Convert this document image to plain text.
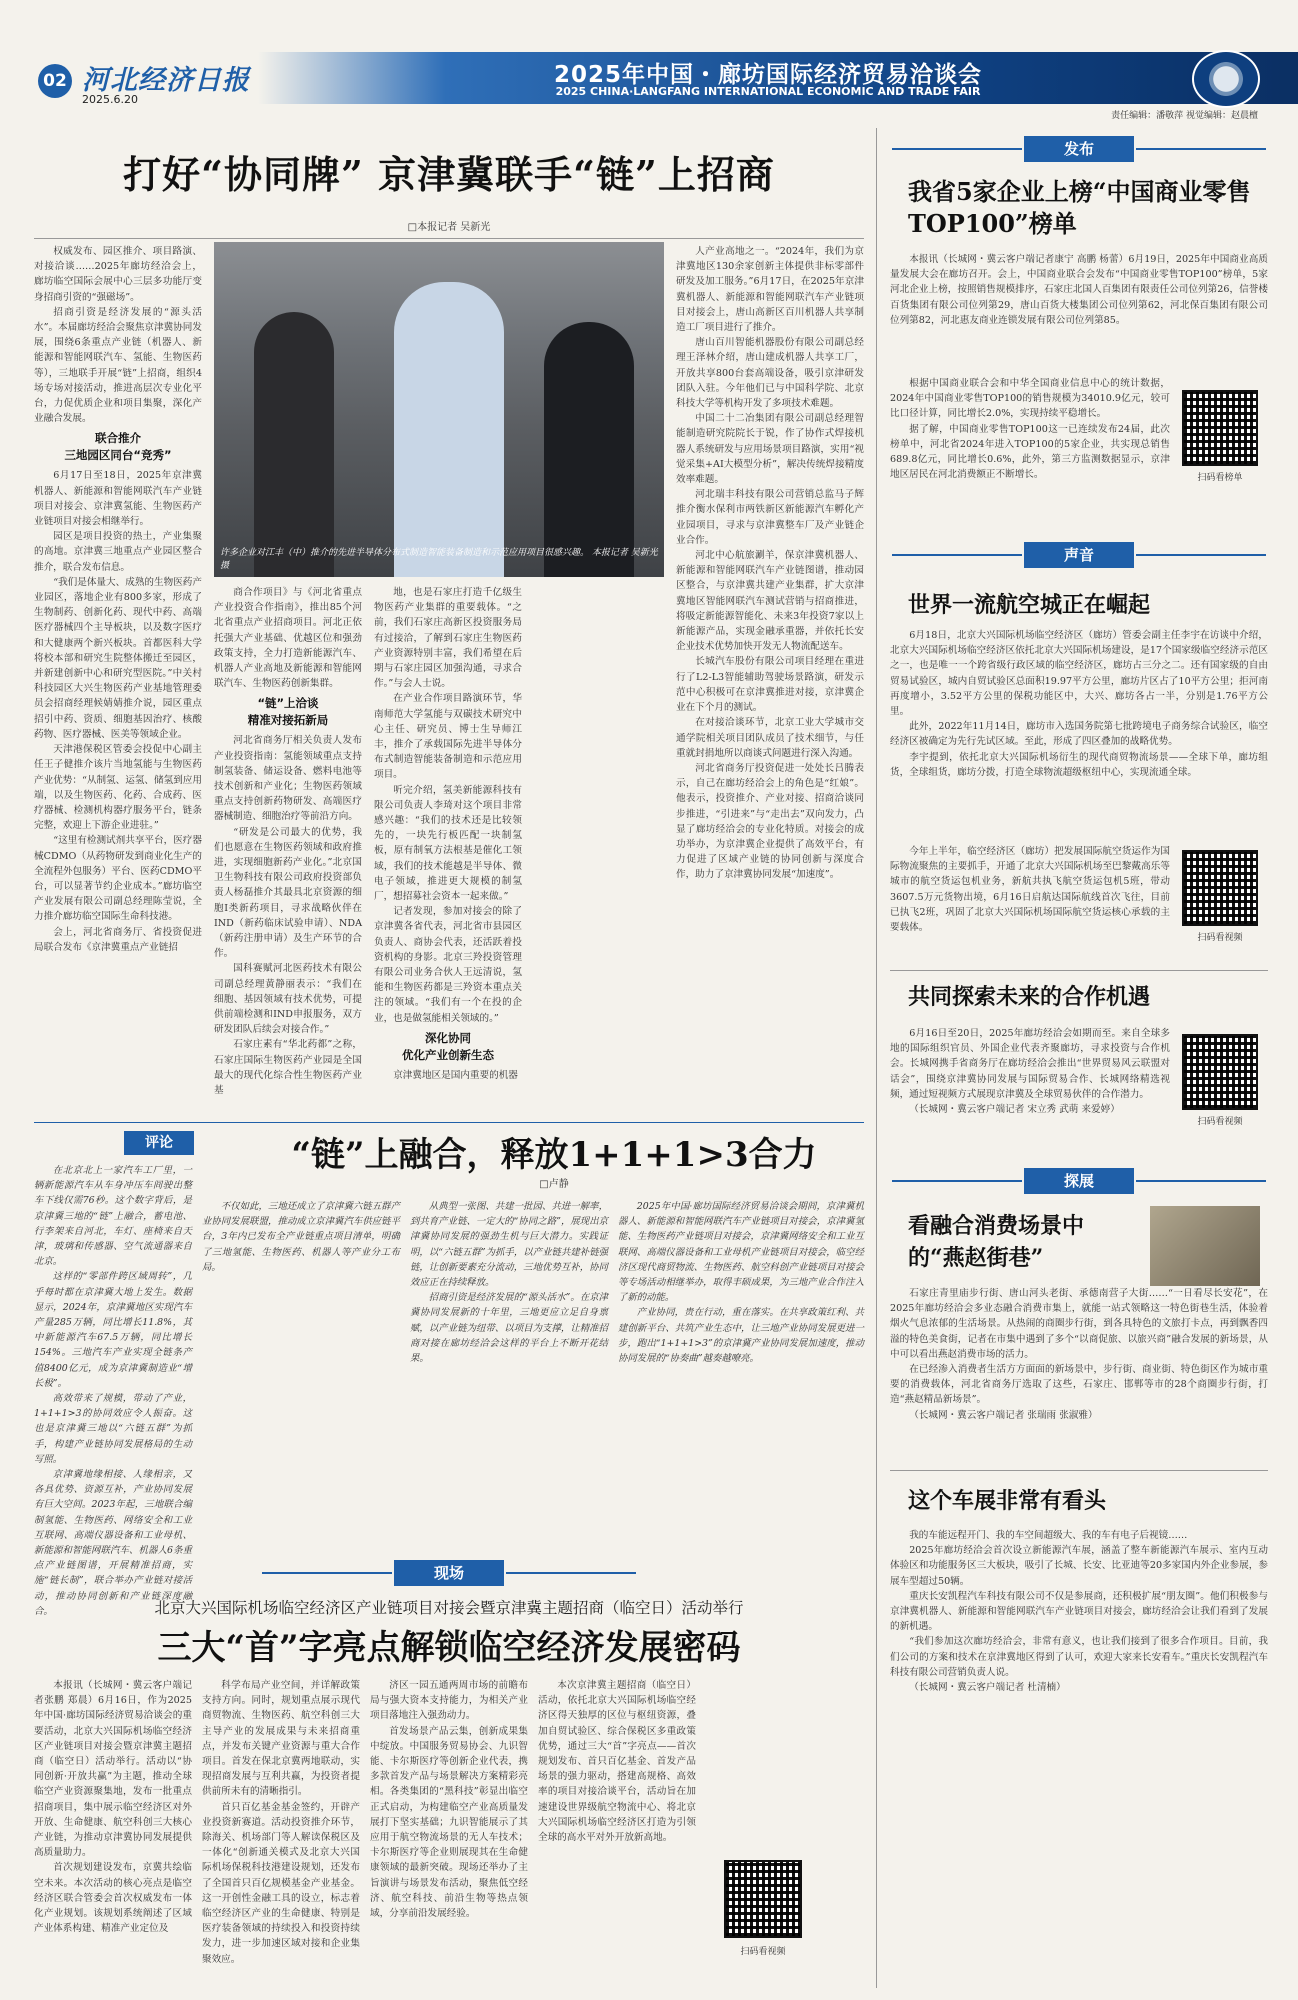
02 河北经济日报
2025.6.20
2025年中国・廊坊国际经济贸易洽谈会
2025 CHINA·LANGFANG INTERNATIONAL ECONOMIC AND TRADE FAIR
责任编辑：潘敬萍 视觉编辑：赵晨檀
打好“协同牌” 京津冀联手“链”上招商
□本报记者 吴新光
许多企业对江丰（中）推介的先进半导体分布式制造智能装备制造和示范应用项目很感兴趣。 本报记者 吴新光 摄

权威发布、园区推介、项目路演、对接洽谈……2025年廊坊经洽会上，廊坊临空国际会展中心三层多功能厅变身招商引资的“强磁场”。

招商引资是经济发展的“源头活水”。本届廊坊经洽会聚焦京津冀协同发展，围绕6条重点产业链（机器人、新能源和智能网联汽车、氢能、生物医药等），三地联手开展“链”上招商，组织4场专场对接活动，推进高层次专业化平台，力促优质企业和项目集聚，深化产业融合发展。

联合推介
三地园区同台“竞秀”

6月17日至18日，2025年京津冀机器人、新能源和智能网联汽车产业链项目对接会、京津冀氢能、生物医药产业链项目对接会相继举行。

园区是项目投资的热土，产业集聚的高地。京津冀三地重点产业园区整合推介，联合发布信息。

“我们是体量大、成熟的生物医药产业园区，落地企业有800多家，形成了生物制药、创新化药、现代中药、高端医疗器械四个主导板块，以及数字医疗和大健康两个新兴板块。首都医科大学将校本部和研究生院整体搬迁至园区，并新建创新中心和研究型医院。”中关村科技园区大兴生物医药产业基地管理委员会招商经理候婧婧推介说，园区重点招引中药、资质、细胞基因治疗、核酸药物、医疗器械、医美等领域企业。

天津港保税区管委会投促中心副主任王子健推介该片当地氢能与生物医药产业优势：“从制氢、运氢、储氢到应用端，以及生物医药、化药、合成药、医疗器械、检测机构器疗服务平台，链条完整，欢迎上下游企业进驻。”

“这里有检测试剂共享平台，医疗器械CDMO（从药物研发到商业化生产的全流程外包服务）平台、医药CDMO平台，可以显著节约企业成本。”廊坊临空产业发展有限公司副总经理陈莹说，全力推介廊坊临空国际生命科技港。

会上，河北省商务厅、省投资促进局联合发布《京津冀重点产业链招

商合作项目》与《河北省重点产业投资合作指南》，推出85个河北省重点产业招商项目。河北正依托强大产业基础、优越区位和强劲政策支持，全力打造新能源汽车、机器人产业高地及新能源和智能网联汽车、生物医药创新集群。

“链”上洽谈
精准对接拓新局

河北省商务厅相关负责人发布产业投资指南：氢能领域重点支持制氢装备、储运设备、燃料电池等技术创新和产业化；生物医药领域重点支持创新药物研发、高端医疗器械制造、细胞治疗等前沿方向。

“研发是公司最大的优势，我们也愿意在生物医药领域和政府推进，实现细胞新药产业化。”北京国卫生物科技有限公司政府投资部负责人杨磊推介其最具北京资源的细胞Ⅰ类新药项目，寻求战略伙伴在IND（新药临床试验申请）、NDA（新药注册申请）及生产环节的合作。

国科赛赋河北医药技术有限公司副总经理黄静丽表示：“我们在细胞、基因领域有技术优势，可提供前端检测和IND申报服务，双方研发团队后续会对接合作。”

石家庄素有“华北药都”之称，石家庄国际生物医药产业园是全国最大的现代化综合性生物医药产业基

地，也是石家庄打造千亿级生物医药产业集群的重要载体。“之前，我们石家庄高新区投资服务局有过接洽，了解到石家庄生物医药产业资源特别丰富，我们希望在后期与石家庄园区加强沟通，寻求合作。”与会人士说。

在产业合作项目路演环节，华南师范大学氢能与双碳技术研究中心主任、研究员、博士生导师江丰，推介了承载国际先进半导体分布式制造智能装备制造和示范应用项目。

听完介绍，氢美新能源科技有限公司负责人李琦对这个项目非常感兴趣：“我们的技术还是比较领先的，一块先行板匹配一块制氢板，原有制氧方法根基是催化工领域，我们的技术能越是半导体、微电子领域，推进更大规模的制氢厂，想招募社会资本一起来做。”

记者发现，参加对接会的除了京津冀各省代表，河北省市县园区负责人、商协会代表，还活跃着投资机构的身影。北京三羚投资管理有限公司业务合伙人王远清说，氢能和生物医药都是三羚资本重点关注的领域。“我们有一个在投的企业，也是做氢能相关领域的。”

深化协同
优化产业创新生态

京津冀地区是国内重要的机器

人产业高地之一。“2024年，我们为京津冀地区130余家创新主体提供非标零部件研发及加工服务。”6月17日，在2025年京津冀机器人、新能源和智能网联汽车产业链项目对接会上，唐山高新区百川机器人共享制造工厂项目进行了推介。

唐山百川智能机器股份有限公司副总经理王泽林介绍，唐山建成机器人共享工厂，开放共享800台套高端设备，吸引京津研发团队入驻。今年他们已与中国科学院、北京科技大学等机构开发了多项技术难题。

中国二十二冶集团有限公司副总经理智能制造研究院院长于锐，作了协作式焊接机器人系统研发与应用场景项目路演，实用“视觉采集+AI大模型分析”，解决传统焊接精度效率难题。

河北瑞丰科技有限公司营销总监马子辉推介衡水保利市两铁新区新能源汽车孵化产业园项目，寻求与京津冀整车厂及产业链企业合作。

河北中心航旅涮羊，保京津冀机器人、新能源和智能网联汽车产业链图谱，推动园区整合，与京津冀共建产业集群，扩大京津冀地区智能网联汽车测试营销与招商推进，将吸定新能源智能化、未来3年投资7家以上新能源产品，实现金融承重器，并依托长安企业技术优势加快开发无人物流配送车。

长城汽车股份有限公司项目经理在重进行了L2-L3智能辅助驾驶场景路演，研发示范中心积极可在京津冀推进对接，京津冀企业在下个月的测试。

在对接洽谈环节，北京工业大学城市交通学院相关项目团队成员了技术细节，与任重就封捐地所以商谈式问题进行深入沟通。

河北省商务厅投资促进一处处长吕腾表示，自己在廊坊经洽会上的角色是“红娘”。他表示，投资推介、产业对接、招商洽谈同步推进，“引进来”与“走出去”双向发力，凸显了廊坊经洽会的专业化特质。对接会的成功举办，为京津冀企业提供了高效平台，有力促进了区域产业链的协同创新与深度合作，助力了京津冀协同发展“加速度”。

评论	“链”上融合，释放1+1+1>3合力
□卢静

在北京北上一家汽车工厂里，一辆新能源汽车从车身冲压车间驶出整车下线仅需76秒。这个数字背后，是京津冀三地的“链”上融合，蓄电池、行李架来自河北，车灯、座椅来自天津，玻璃和传感器、空气流通器来自北京。

这样的“零部件跨区域周转”，几乎每时都在京津冀大地上发生。数据显示，2024年，京津冀地区实现汽车产量285万辆，同比增长11.8%，其中新能源汽车67.5万辆，同比增长154%。三地汽车产业实现全链条产值8400亿元，成为京津冀制造业“增长极”。

高效带来了规模，带动了产业，1+1+1>3的协同效应令人振奋。这也是京津冀三地以“六链五群”为抓手，构建产业链协同发展格局的生动写照。

京津冀地缘相接、人缘相亲，又各具优势、资源互补，产业协同发展有巨大空间。2023年起，三地联合编制氢能、生物医药、网络安全和工业互联网、高端仪器设备和工业母机、新能源和智能网联汽车、机器人6条重点产业链图谱，开展精准招商，实施“链长制”，联合举办产业链对接活动，推动协同创新和产业链深度融合。

不仅如此，三地还成立了京津冀六链五群产业协同发展联盟，推动成立京津冀汽车供应链平台，3年内已发布全产业链重点项目清单，明确了三地氢能、生物医药、机器人等产业分工布局。

从典型一张图、共建一批园、共进一解率，到共育产业链、一定大的“协同之路”，展现出京津冀协同发展的强劲生机与巨大潜力。实践证明，以“六链五群”为抓手，以产业链共建补链强链，让创新要素充分流动，三地优势互补，协同效应正在持续释放。

招商引资是经济发展的“源头活水”。在京津冀协同发展新的十年里，三地更应立足自身禀赋，以产业链为纽带、以项目为支撑，让精准招商对接在廊坊经洽会这样的平台上不断开花结果。

2025年中国·廊坊国际经济贸易洽谈会期间，京津冀机器人、新能源和智能网联汽车产业链项目对接会，京津冀氢能、生物医药产业链项目对接会，京津冀网络安全和工业互联网、高端仪器设备和工业母机产业链项目对接会，临空经济区现代商贸物流、生物医药、航空科创产业链项目对接会等专场活动相继举办，取得丰硕成果，为三地产业合作注入了新的动能。

产业协同，贵在行动，重在落实。在共享政策红利、共建创新平台、共筑产业生态中，让三地产业协同发展更进一步，跑出“1+1+1>3”的京津冀产业协同发展加速度，推动协同发展的“协奏曲”越奏越嘹亮。

现场
北京大兴国际机场临空经济区产业链项目对接会暨京津冀主题招商（临空日）活动举行
三大“首”字亮点解锁临空经济发展密码

本报讯（长城网・冀云客户端记者张鹏 郑晨）6月16日，作为2025年中国·廊坊国际经济贸易洽谈会的重要活动，北京大兴国际机场临空经济区产业链项目对接会暨京津冀主题招商（临空日）活动举行。活动以“协同创新·开放共赢”为主题，推动全球临空产业资源聚集地，发布一批重点招商项目，集中展示临空经济区对外开放、生命健康、航空科创三大核心产业链，为推动京津冀协同发展提供高质量助力。

首次规划建设发布，京冀共绘临空未来。本次活动的核心亮点是临空经济区联合管委会首次权威发布一体化产业规划。该规划系统阐述了区域产业体系构建、精准产业定位及

科学布局产业空间，并详解政策支持方向。同时，规划重点展示现代商贸物流、生物医药、航空科创三大主导产业的发展成果与未来招商重点，并发布关键产业资源与重大合作项目。首发在保北京冀两地联动，实现招商发展与互利共赢，为投资者提供前所未有的清晰指引。

首只百亿基金基金签约，开辟产业投资新赛道。活动投资推介环节，除海关、机场部门等人解读保税区及一体化“创新通关模式及北京大兴国际机场保税科技港建设规划，还发布了全国首只百亿规模基金产业基金。这一开创性金融工具的设立，标志着临空经济区产业的生命健康、特别是医疗装备领域的持续投入和投资持续发力，进一步加速区域对接和企业集聚效应。

济区一园五通两周市场的前瞻布局与强大资本支持能力，为相关产业项目落地注入强劲动力。

首发场景产品云集，创新成果集中绽放。中国服务贸易协会、九识智能、卡尔斯医疗等创新企业代表，携多款首发产品与场景解决方案精彩亮相。各类集团的“黑科技”彰显出临空正式启动，为构建临空产业高质量发展打下坚实基础；九识智能展示了其应用于航空物流场景的无人车技术；卡尔斯医疗等企业则展现其在生命健康领域的最新突破。现场还举办了主旨演讲与场景发布活动，聚焦低空经济、航空科技、前沿生物等热点领域，分享前沿发展经验。

本次京津冀主题招商（临空日）活动，依托北京大兴国际机场临空经济区得天独厚的区位与枢纽资源，叠加自贸试验区、综合保税区多重政策优势，通过三大“首”字亮点——首次规划发布、首只百亿基金、首发产品场景的强力驱动，搭建高规格、高效率的项目对接洽谈平台，活动旨在加速建设世界级航空物流中心、将北京大兴国际机场临空经济区打造为引领全球的高水平对外开放新高地。

扫码看视频
发布
我省5家企业上榜“中国商业零售TOP100”榜单

本报讯（长城网・冀云客户端记者康宁 高鹏 杨蕾）6月19日，2025年中国商业高质量发展大会在廊坊召开。会上，中国商业联合会发布“中国商业零售TOP100”榜单，5家河北企业上榜，按照销售规模排序，石家庄北国人百集团有限责任公司位列第26，信誉楼百货集团有限公司位列第29，唐山百货大楼集团公司位列第62，河北保百集团有限公司位列第82，河北惠友商业连锁发展有限公司位列第85。

根据中国商业联合会和中华全国商业信息中心的统计数据，2024年中国商业零售TOP100的销售规模为34010.9亿元，较可比口径计算，同比增长2.0%，实现持续平稳增长。

据了解，中国商业零售TOP100这一已连续发布24届，此次榜单中，河北省2024年进入TOP100的5家企业，共实现总销售689.8亿元，同比增长0.6%，此外，第三方监测数据显示，京津地区居民在河北消费额正不断增长。	扫码看榜单
声音
世界一流航空城正在崛起

6月18日，北京大兴国际机场临空经济区（廊坊）管委会副主任李宇在访谈中介绍，北京大兴国际机场临空经济区依托北京大兴国际机场建设，是17个国家级临空经济示范区之一，也是唯一一个跨省级行政区域的临空经济区，廊坊占三分之二。还有国家级的自由贸易试验区，城内自贸试验区总面积19.97平方公里，廊坊片区占了10平方公里；拒河南再度增小，3.52平方公里的保税功能区中，大兴、廊坊各占一半，分别是1.76平方公里。

此外，2022年11月14日，廊坊市入选国务院第七批跨境电子商务综合试验区，临空经济区被确定为先行先试区域。至此，形成了四区叠加的战略优势。

李宇提到，依托北京大兴国际机场衍生的现代商贸物流场景——全球下单，廊坊组货，全球组货，廊坊分拨，打造全球物流超级枢纽中心，实现流通全球。

今年上半年，临空经济区（廊坊）把发展国际航空货运作为国际物流聚焦的主要抓手，开通了北京大兴国际机场至巴黎戴高乐等城市的航空货运包机业务，新航共执飞航空货运包机5班，带动3607.5万元货物出境，6月16日启航达国际航线首次飞往，目前已执飞2班，巩固了北京大兴国际机场国际航空货运核心承载的主要载体。

扫码看视频
共同探索未来的合作机遇

6月16日至20日，2025年廊坊经洽会如期而至。来自全球多地的国际组织官员、外国企业代表齐聚廊坊，寻求投资与合作机会。长城网携手省商务厅在廊坊经洽会推出“世界贸易风云联盟对话会”，围绕京津冀协同发展与国际贸易合作、长城网络精选视频，通过短视频方式展现京津冀及全球贸易伙伴的合作潜力。

（长城网・冀云客户端记者 宋立秀 武萌 来爱婷）

扫码看视频
探展
看融合消费场景中的“燕赵街巷”

石家庄青里庙步行街、唐山河头老街、承德南营子大街……“一日看尽长安花”，在2025年廊坊经洽会多业态融合消费市集上，就能一站式领略这一特色街巷生活，体验着烟火气息浓郁的生活场景。从热闹的商圈步行街，到各具特色的文旅打卡点，再到飘香四溢的特色美食街，记者在市集中遇到了多个“以商促旅、以旅兴商”融合发展的新场景，从中可以看出燕赵消费市场的活力。

在已经渗入消费者生活方方面面的新场景中，步行街、商业街、特色街区作为城市重要的消费载体，河北省商务厅选取了这些，石家庄、邯郸等市的28个商圈步行街，打造“燕赵精品新场景”。

（长城网・冀云客户端记者 张瑞雨 张淑雅）

这个车展非常有看头

我的车能远程开门、我的车空间超级大、我的车有电子后视镜……

2025年廊坊经洽会首次设立新能源汽车展，涵盖了整车新能源汽车展示、室内互动体验区和功能服务区三大板块，吸引了长城、长安、比亚迪等20多家国内外企业参展，参展车型超过50辆。

重庆长安凯程汽车科技有限公司不仅是参展商，还积极扩展“朋友圈”。他们积极参与京津冀机器人、新能源和智能网联汽车产业链项目对接会，廊坊经洽会让我们看到了发展的新机遇。

“我们参加这次廊坊经洽会，非常有意义，也让我们接到了很多合作项目。目前，我们公司的方案和技术在京津冀地区得到了认可，欢迎大家来长安看车。”重庆长安凯程汽车科技有限公司营销负责人说。

（长城网・冀云客户端记者 杜清楠）
